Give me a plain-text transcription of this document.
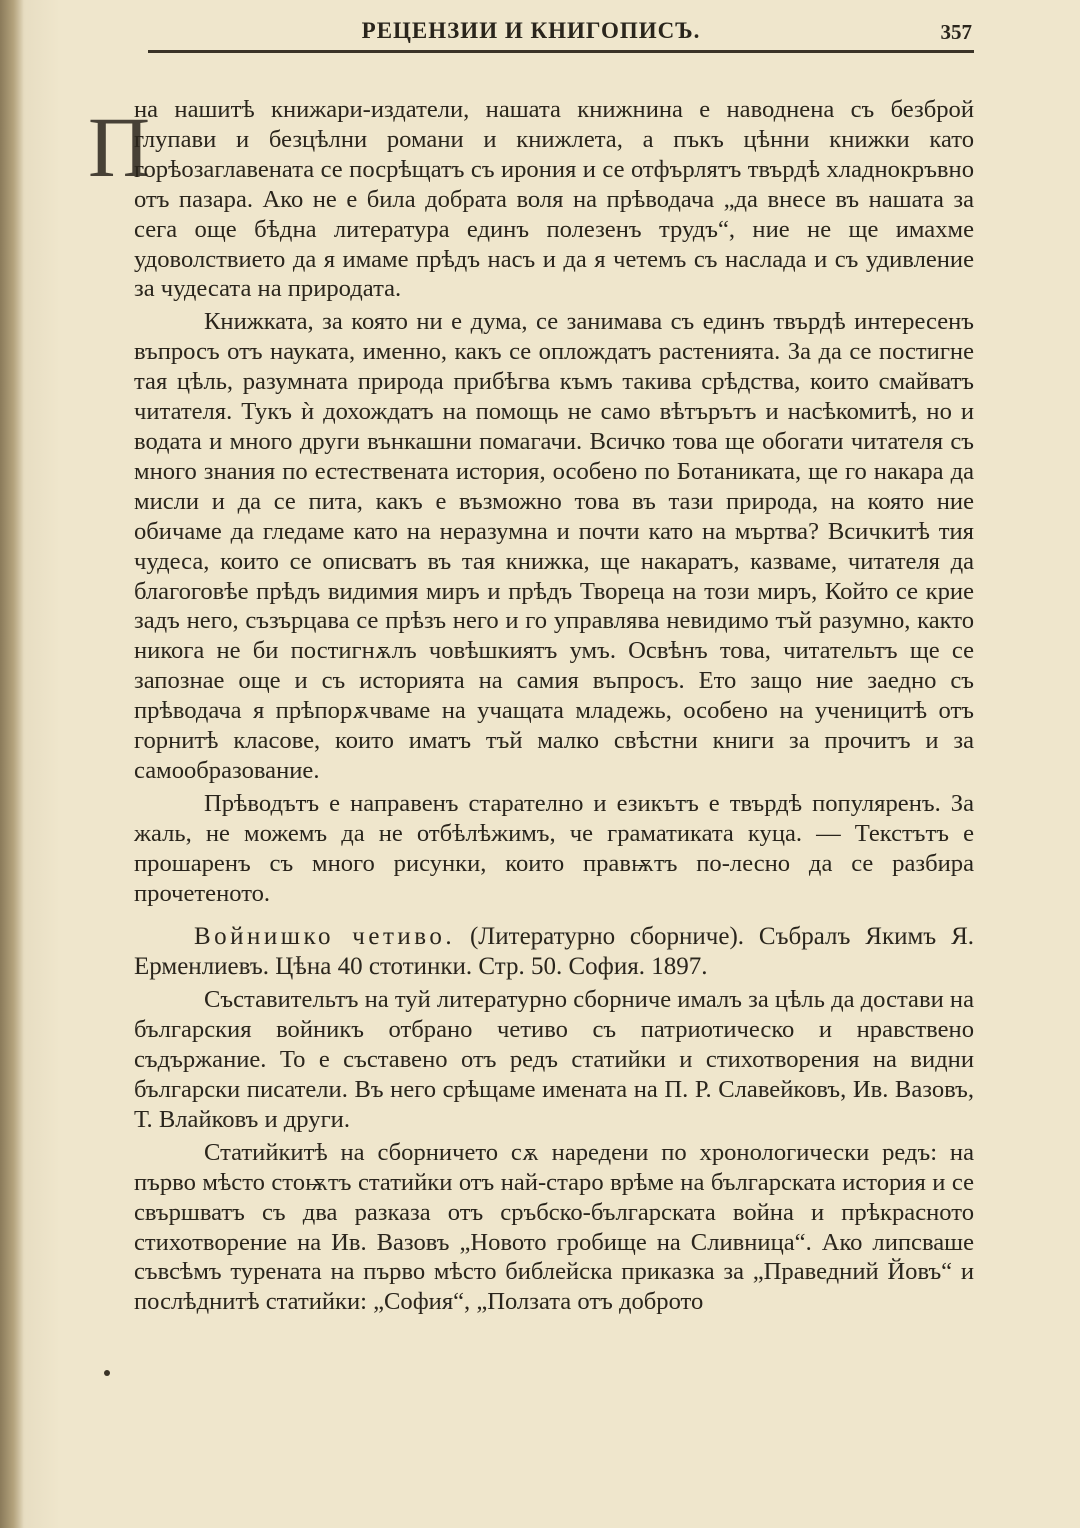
РЕЦЕНЗИИ И КНИГОПИСЪ.	357
П

на нашитѣ книжари-издатели, нашата книжнина е наводнена съ безброй глупави и безцѣлни романи и книжлета, а пъкъ цѣнни книжки като горѣозаглавената се посрѣщатъ съ ирония и се отфърлятъ твърдѣ хладнокръвно отъ пазара. Ако не е била добрата воля на прѣводача „да внесе въ нашата за сега още бѣдна литература единъ полезенъ трудъ“, ние не ще имахме удоволствието да я имаме прѣдъ насъ и да я четемъ съ наслада и съ удивление за чудесата на природата.

Книжката, за която ни е дума, се занимава съ единъ твърдѣ интересенъ въпросъ отъ науката, именно, какъ се оплождатъ растенията. За да се постигне тая цѣль, разумната природа прибѣгва къмъ такива срѣдства, които смайватъ читателя. Тукъ ѝ дохождатъ на помощь не само вѣтърътъ и насѣкомитѣ, но и водата и много други вънкашни помагачи. Всичко това ще обогати читателя съ много знания по естествената история, особено по Ботаниката, ще го накара да мисли и да се пита, какъ е възможно това въ тази природа, на която ние обичаме да гледаме като на неразумна и почти като на мъртва? Всичкитѣ тия чудеса, които се описватъ въ тая книжка, ще накаратъ, казваме, читателя да благоговѣе прѣдъ видимия миръ и прѣдъ Твореца на този миръ, Който се крие задъ него, съзърцава се прѣзъ него и го управлява невидимо тъй разумно, както никога не би постигнѫлъ човѣшкиятъ умъ. Освѣнъ това, читательтъ ще се запознае още и съ историята на самия въпросъ. Ето защо ние заедно съ прѣводача я прѣпорѫчваме на учащата младежь, особено на ученицитѣ отъ горнитѣ класове, които иматъ тъй малко свѣстни книги за прочитъ и за самообразование.

Прѣводътъ е направенъ старателно и езикътъ е твърдѣ популяренъ. За жаль, не можемъ да не отбѣлѣжимъ, че граматиката куца. — Текстътъ е прошаренъ съ много рисунки, които правѭтъ по-лесно да се разбира прочетеното.

Войнишко четиво. (Литературно сборниче). Събралъ Якимъ Я. Ерменлиевъ. Цѣна 40 стотинки. Стр. 50. София. 1897.

Съставительтъ на туй литературно сборниче ималъ за цѣль да достави на българския войникъ отбрано четиво съ патриотическо и нравствено съдържание. То е съставено отъ редъ статийки и стихотворения на видни български писатели. Въ него срѣщаме имената на П. Р. Славейковъ, Ив. Вазовъ, Т. Влайковъ и други.

Статийкитѣ на сборничето сѫ наредени по хронологически редъ: на първо мѣсто стоѭтъ статийки отъ най-старо врѣме на българската история и се свършватъ съ два разказа отъ сръбско-българската война и прѣкрасното стихотворение на Ив. Вазовъ „Новото гробище на Сливница“. Ако липсваше съвсѣмъ турената на първо мѣсто библейска приказка за „Праведний Йовъ“ и послѣднитѣ статийки: „София“, „Ползата отъ доброто
